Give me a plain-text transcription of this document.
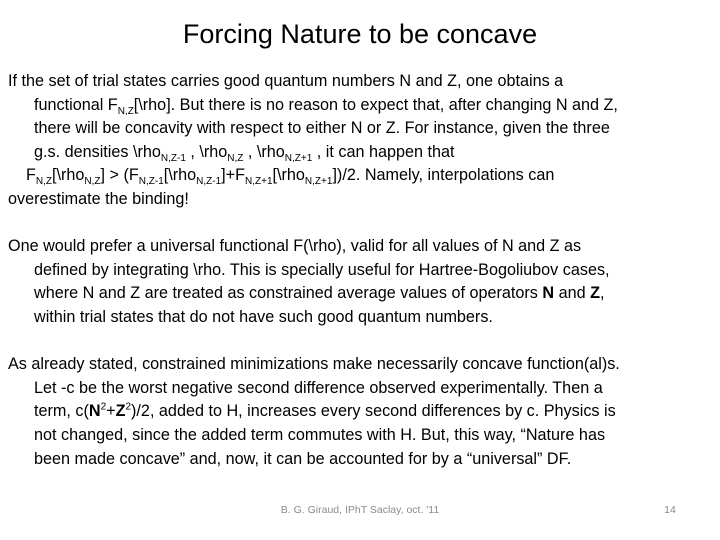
Forcing Nature to be concave
If the set of trial states carries good quantum numbers N and Z, one obtains a
functional $F_{N,Z}[\backslash rho]$. But there is no reason to expect that, after changing N and Z,
there will be concavity with respect to either N or Z. For instance, given the three
g.s. densities \rho$_{N,Z-1}$ , \rho$_{N,Z}$ , \rho$_{N,Z+1}$ , it can happen that
$F_{N,Z}[\backslash rho_{N,Z}]$ > $(F_{N,Z-1}[\backslash rho_{N,Z-1}]+F_{N,Z+1}[\backslash rho_{N,Z+1}])/2$. Namely, interpolations can
overestimate the binding!
One would prefer a universal functional F(\rho), valid for all values of N and Z as
defined by integrating \rho. This is specially useful for Hartree-Bogoliubov cases,
where N and Z are treated as constrained average values of operators N and Z,
within trial states that do not have such good quantum numbers.
As already stated, constrained minimizations make necessarily concave function(al)s.
Let -c be the worst negative second difference observed experimentally. Then a
term, $c(N^2+Z^2)/2$, added to H, increases every second differences by c. Physics is
not changed, since the added term commutes with H. But, this way, “Nature has
been made concave” and, now, it can be accounted for by a “universal” DF.
B. G. Giraud, IPhT Saclay, oct. '11	14
